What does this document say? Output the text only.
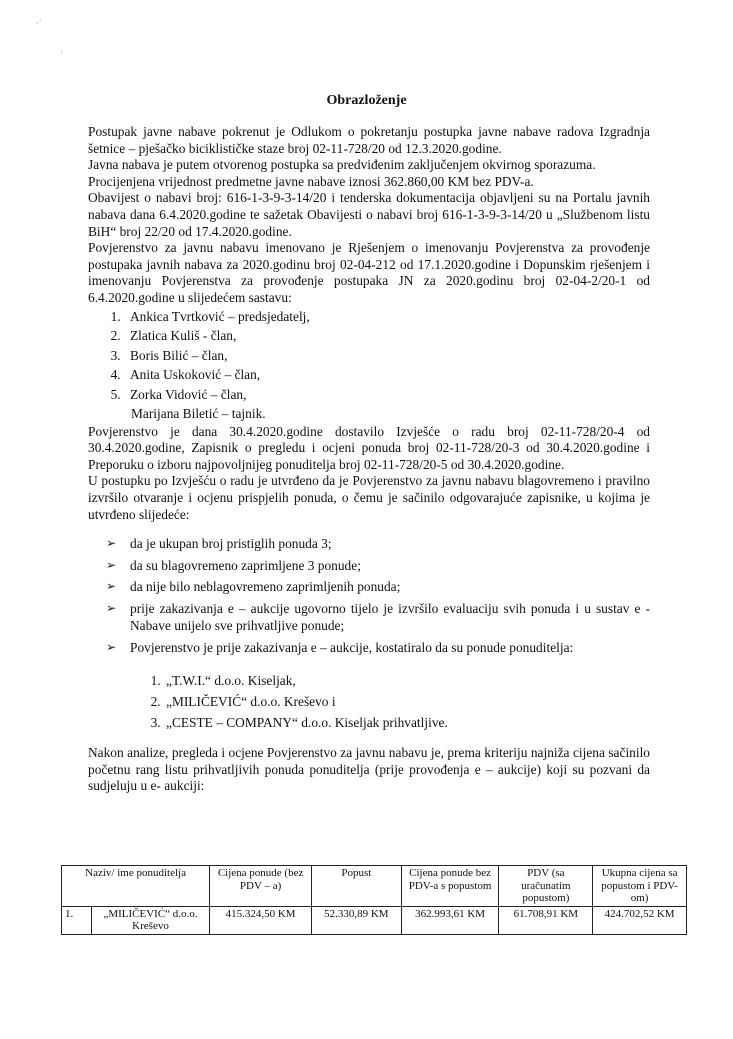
·˙
ˈ
Obrazloženje

Postupak javne nabave pokrenut je Odlukom o pokretanju postupka javne nabave radova Izgradnja šetnice – pješačko biciklističke staze broj 02-11-728/20 od 12.3.2020.godine.

Javna nabava je putem otvorenog postupka sa predviđenim zaključenjem okvirnog sporazuma.

Procijenjena vrijednost predmetne javne nabave iznosi 362.860,00 KM bez PDV-a.

Obavijest o nabavi broj: 616-1-3-9-3-14/20 i tenderska dokumentacija objavljeni su na Portalu javnih nabava dana 6.4.2020.godine te sažetak Obavijesti o nabavi broj 616-1-3-9-3-14/20 u „Službenom listu BiH“ broj 22/20 od 17.4.2020.godine.

Povjerenstvo za javnu nabavu imenovano je Rješenjem o imenovanju Povjerenstva za provođenje postupaka javnih nabava za 2020.godinu broj 02-04-212 od 17.1.2020.godine i Dopunskim rješenjem i imenovanju Povjerenstva za provođenje postupaka JN za 2020.godinu broj 02-04-2/20-1 od 6.4.2020.godine u slijedećem sastavu:

1. Ankica Tvrtković – predsjedatelj,
2. Zlatica Kuliš - član,
3. Boris Bilić – član,
4. Anita Uskoković – član,
5. Zorka Vidović – član,
Marijana Biletić – tajnik.

Povjerenstvo je dana 30.4.2020.godine dostavilo Izvješće o radu broj 02-11-728/20-4 od 30.4.2020.godine, Zapisnik o pregledu i ocjeni ponuda broj 02-11-728/20-3 od 30.4.2020.godine i Preporuku o izboru najpovoljnijeg ponuditelja broj 02-11-728/20-5 od 30.4.2020.godine.

U postupku po Izvješću o radu je utvrđeno da je Povjerenstvo za javnu nabavu blagovremeno i pravilno izvršilo otvaranje i ocjenu prispjelih ponuda, o čemu je sačinilo odgovarajuće zapisnike, u kojima je utvrđeno slijedeće:

➢ da je ukupan broj pristiglih ponuda 3;
➢ da su blagovremeno zaprimljene 3 ponude;
➢ da nije bilo neblagovremeno zaprimljenih ponuda;
➢ prije zakazivanja e – aukcije ugovorno tijelo je izvršilo evaluaciju svih ponuda i u sustav e - Nabave unijelo sve prihvatljive ponude;
➢ Povjerenstvo je prije zakazivanja e – aukcije, kostatiralo da su ponude ponuditelja:
1. „T.W.I.“ d.o.o. Kiseljak,
2. „MILIČEVIĆ“ d.o.o. Kreševo i
3. „CESTE – COMPANY“ d.o.o. Kiseljak prihvatljive.

Nakon analize, pregleda i ocjene Povjerenstvo za javnu nabavu je, prema kriteriju najniža cijena sačinilo početnu rang listu prihvatljivih ponuda ponuditelja (prije provođenja e – aukcije) koji su pozvani da sudjeluju u e- aukciji:

Naziv/ ime ponuditelja		Cijena ponude (bez PDV – a)	Popust	Cijena ponude bez PDV-a s popustom	PDV (sa uračunatim popustom)	Ukupna cijena sa popustom i PDV-om)
1.	„MILIČEVIĆ“ d.o.o. Kreševo	415.324,50 KM	52.330,89 KM	362.993,61 KM	61.708,91 KM	424.702,52 KM
